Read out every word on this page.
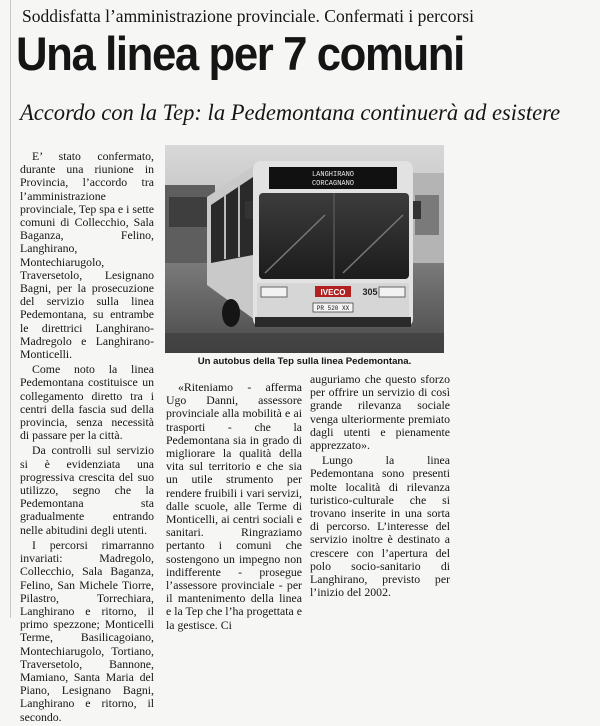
Soddisfatta l’amministrazione provinciale. Confermati i percorsi
Una linea per 7 comuni
Accordo con la Tep: la Pedemontana continuerà ad esistere

E’ stato confermato, durante una riunione in Provincia, l’accordo tra l’amministrazione provinciale, Tep spa e i sette comuni di Collecchio, Sala Baganza, Felino, Langhirano, Montechiarugolo, Traversetolo, Lesignano Bagni, per la prosecuzione del servizio sulla linea Pedemontana, su entrambe le direttrici Langhirano-Madregolo e Langhirano-Monticelli.

Come noto la linea Pedemontana costituisce un collegamento diretto tra i centri della fascia sud della provincia, senza necessità di passare per la città.

Da controlli sul servizio si è evidenziata una progressiva crescita del suo utilizzo, segno che la Pedemontana sta gradualmente entrando nelle abitudini degli utenti.

I percorsi rimarranno invariati: Madregolo, Collecchio, Sala Baganza, Felino, San Michele Tiorre, Pilastro, Torrechiara, Langhirano e ritorno, il primo spezzone; Monticelli Terme, Basilicagoiano, Montechiarugolo, Tortiano, Traversetolo, Bannone, Mamiano, Santa Maria del Piano, Lesignano Bagni, Langhirano e ritorno, il secondo.

LANGHIRANO
CORCAGNANO
IVECO 305
PR 520 XX
Un autobus della Tep sulla linea Pedemontana.

«Riteniamo - afferma Ugo Danni, assessore provinciale alla mobilità e ai trasporti - che la Pedemontana sia in grado di migliorare la qualità della vita sul territorio e che sia un utile strumento per rendere fruibili i vari servizi, dalle scuole, alle Terme di Monticelli, ai centri sociali e sanitari. Ringraziamo pertanto i comuni che sostengono un impegno non indifferente - prosegue l’assessore provinciale - per il mantenimento della linea e la Tep che l’ha progettata e la gestisce. Ci

auguriamo che questo sforzo per offrire un servizio di così grande rilevanza sociale venga ulteriormente premiato dagli utenti e pienamente apprezzato».

Lungo la linea Pedemontana sono presenti molte località di rilevanza turistico-culturale che si trovano inserite in una sorta di percorso. L’interesse del servizio inoltre è destinato a crescere con l’apertura del polo socio-sanitario di Langhirano, previsto per l’inizio del 2002.
